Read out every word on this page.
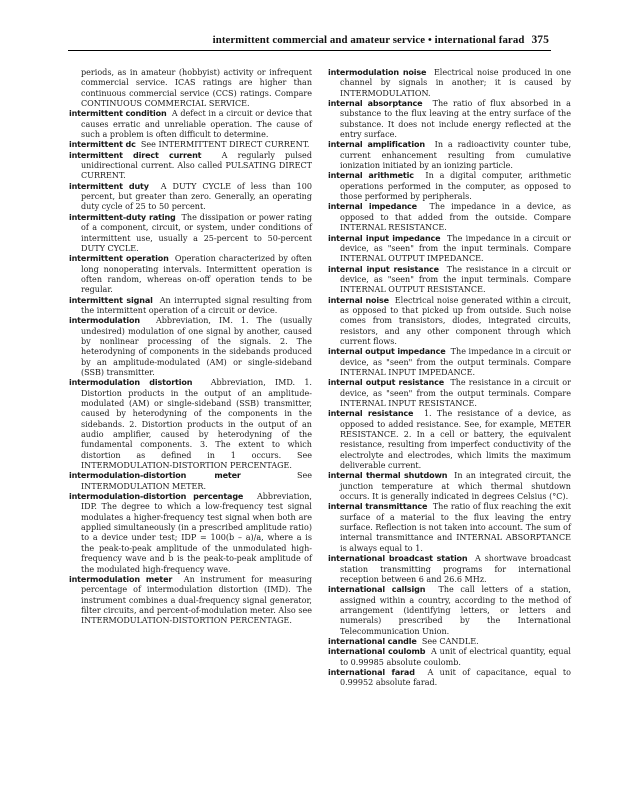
intermittent commercial and amateur service • international farad 375

periods, as in amateur (hobbyist) activity or infrequent commercial service. ICAS ratings are higher than continuous commercial service (CCS) ratings. Compare CONTINUOUS COMMERCIAL SERVICE.

intermittent condition A defect in a circuit or device that causes erratic and unreliable operation. The cause of such a problem is often difficult to determine.

intermittent dc See INTERMITTENT DIRECT CURRENT.

intermittent direct current	A regularly pulsed unidirectional current. Also called PULSATING DIRECT CURRENT.

intermittent duty A DUTY CYCLE of less than 100 percent, but greater than zero. Generally, an operating duty cycle of 25 to 50 percent.

intermittent-duty rating The dissipation or power rating of a component, circuit, or system, under conditions of intermittent use, usually a 25-percent to 50-percent DUTY CYCLE.

intermittent operation Operation characterized by often long nonoperating intervals. Intermittent operation is often random, whereas on-off operation tends to be regular.

intermittent signal An interrupted signal resulting from the intermittent operation of a circuit or device.

intermodulation Abbreviation, IM. 1. The (usually undesired) modulation of one signal by another, caused by nonlinear processing of the signals. 2. The heterodyning of components in the sidebands produced by an amplitude-modulated (AM) or single-sideband (SSB) transmitter.

intermodulation distortion Abbreviation, IMD. 1. Distortion products in the output of an amplitude-modulated (AM) or single-sideband (SSB) transmitter, caused by heterodyning of the components in the sidebands. 2. Distortion products in the output of an audio amplifier, caused by heterodyning of the fundamental components. 3. The extent to which distortion as defined in 1 occurs. See INTERMODULATION-DISTORTION PERCENTAGE.

intermodulation-distortion meter	See INTERMODULATION METER.

intermodulation-distortion percentage Abbreviation, IDP. The degree to which a low-frequency test signal modulates a higher-frequency test signal when both are applied simultaneously (in a prescribed amplitude ratio) to a device under test; IDP = 100(b – a)/a, where a is the peak-to-peak amplitude of the unmodulated high-frequency wave and b is the peak-to-peak amplitude of the modulated high-frequency wave.

intermodulation meter An instrument for measuring percentage of intermodulation distortion (IMD). The instrument combines a dual-frequency signal generator, filter circuits, and percent-of-modulation meter. Also see INTERMODULATION-DISTORTION PERCENTAGE.

intermodulation noise Electrical noise produced in one channel by signals in another; it is caused by INTERMODULATION.

internal absorptance The ratio of flux absorbed in a substance to the flux leaving at the entry surface of the substance. It does not include energy reflected at the entry surface.

internal amplification In a radioactivity counter tube, current enhancement resulting from cumulative ionization initiated by an ionizing particle.

internal arithmetic In a digital computer, arithmetic operations performed in the computer, as opposed to those performed by peripherals.

internal impedance The impedance in a device, as opposed to that added from the outside. Compare INTERNAL RESISTANCE.

internal input impedance The impedance in a circuit or device, as "seen" from the input terminals. Compare INTERNAL OUTPUT IMPEDANCE.

internal input resistance The resistance in a circuit or device, as "seen" from the input terminals. Compare INTERNAL OUTPUT RESISTANCE.

internal noise Electrical noise generated within a circuit, as opposed to that picked up from outside. Such noise comes from transistors, diodes, integrated circuits, resistors, and any other component through which current flows.

internal output impedance The impedance in a circuit or device, as "seen" from the output terminals. Compare INTERNAL INPUT IMPEDANCE.

internal output resistance The resistance in a circuit or device, as "seen" from the output terminals. Compare INTERNAL INPUT RESISTANCE.

internal resistance 1. The resistance of a device, as opposed to added resistance. See, for example, METER RESISTANCE. 2. In a cell or battery, the equivalent resistance, resulting from imperfect conductivity of the electrolyte and electrodes, which limits the maximum deliverable current.

internal thermal shutdown In an integrated circuit, the junction temperature at which thermal shutdown occurs. It is generally indicated in degrees Celsius (°C).

internal transmittance The ratio of flux reaching the exit surface of a material to the flux leaving the entry surface. Reflection is not taken into account. The sum of internal transmittance and INTERNAL ABSORPTANCE is always equal to 1.

international broadcast station A shortwave broadcast station transmitting programs for international reception between 6 and 26.6 MHz.

international callsign The call letters of a station, assigned within a country, according to the method of arrangement (identifying letters, or letters and numerals) prescribed by the International Telecommunication Union.

international candle See CANDLE.

international coulomb A unit of electrical quantity, equal to 0.99985 absolute coulomb.

international farad A unit of capacitance, equal to 0.99952 absolute farad.
